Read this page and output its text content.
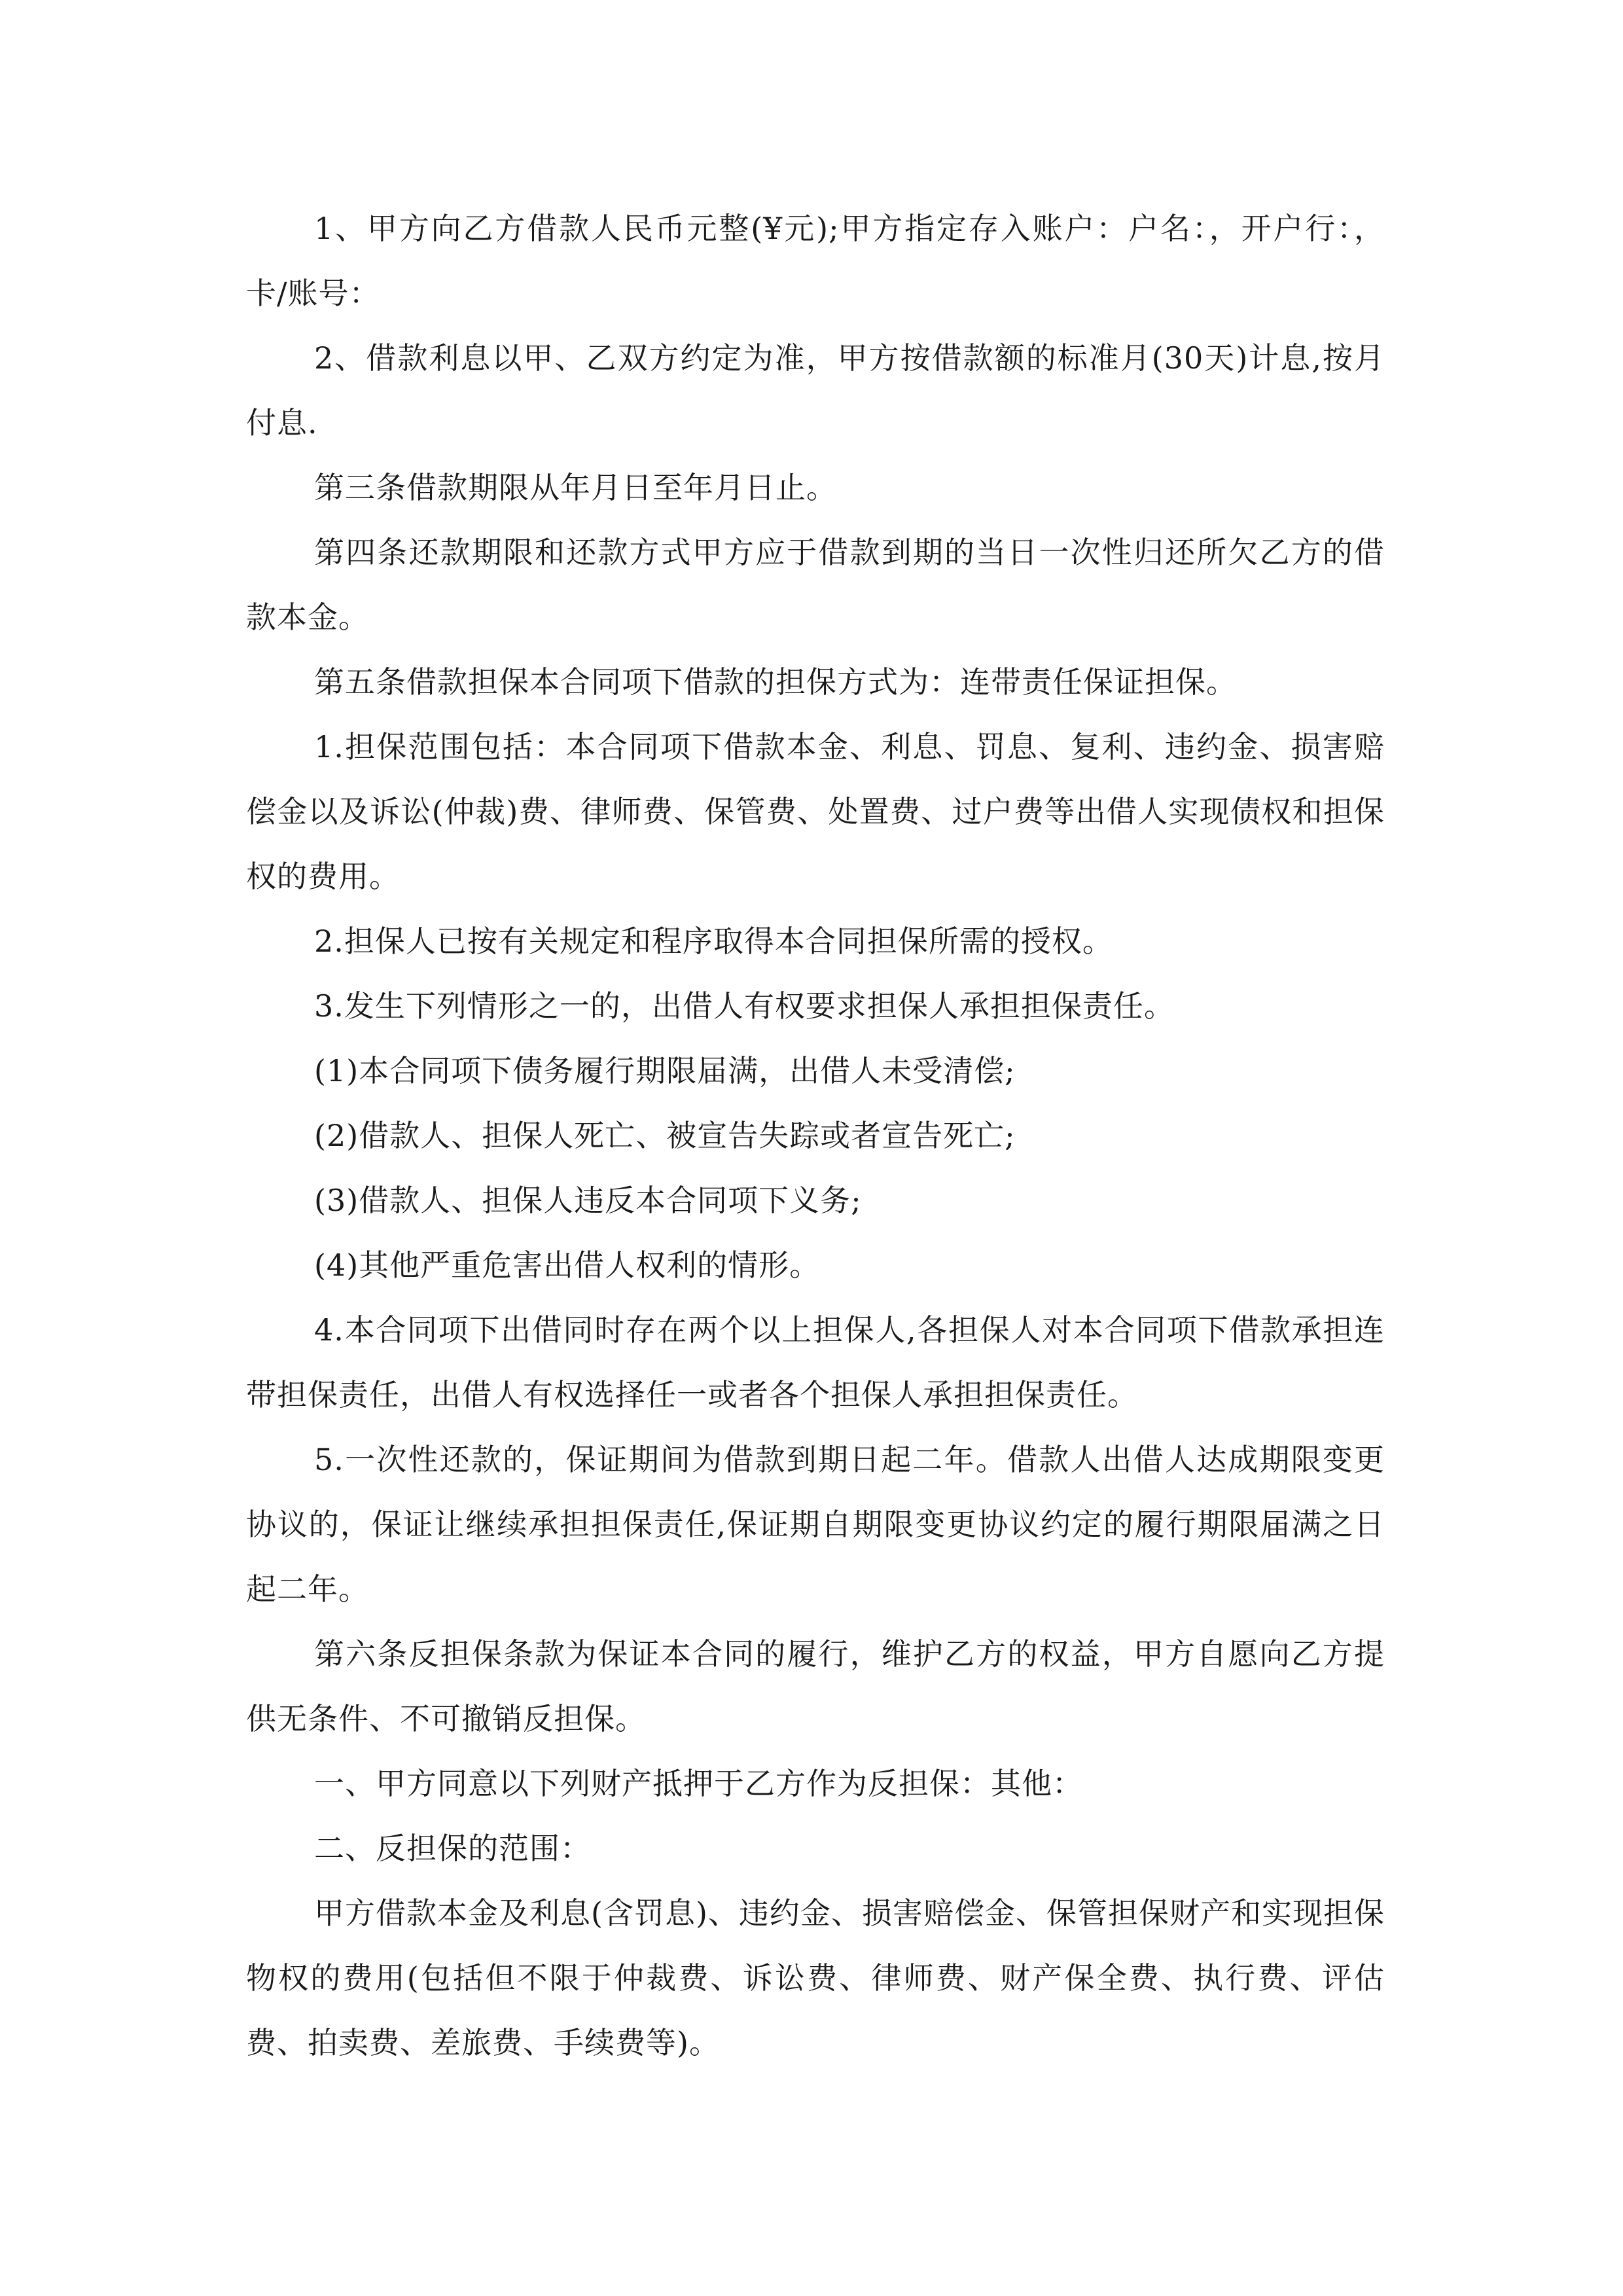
1、甲方向乙方借款人民币元整(¥元);甲方指定存入账户：户名：，开户行：，卡/账号：

2、借款利息以甲、乙双方约定为准，甲方按借款额的标准月(30天)计息,按月付息.

第三条借款期限从年月日至年月日止。

第四条还款期限和还款方式甲方应于借款到期的当日一次性归还所欠乙方的借款本金。

第五条借款担保本合同项下借款的担保方式为：连带责任保证担保。

1.担保范围包括：本合同项下借款本金、利息、罚息、复利、违约金、损害赔偿金以及诉讼(仲裁)费、律师费、保管费、处置费、过户费等出借人实现债权和担保权的费用。

2.担保人已按有关规定和程序取得本合同担保所需的授权。

3.发生下列情形之一的，出借人有权要求担保人承担担保责任。

(1)本合同项下债务履行期限届满，出借人未受清偿;

(2)借款人、担保人死亡、被宣告失踪或者宣告死亡;

(3)借款人、担保人违反本合同项下义务;

(4)其他严重危害出借人权利的情形。

4.本合同项下出借同时存在两个以上担保人,各担保人对本合同项下借款承担连带担保责任，出借人有权选择任一或者各个担保人承担担保责任。

5.一次性还款的，保证期间为借款到期日起二年。借款人出借人达成期限变更协议的，保证让继续承担担保责任,保证期自期限变更协议约定的履行期限届满之日起二年。

第六条反担保条款为保证本合同的履行，维护乙方的权益，甲方自愿向乙方提供无条件、不可撤销反担保。

一、甲方同意以下列财产抵押于乙方作为反担保：其他：

二、反担保的范围：

甲方借款本金及利息(含罚息)、违约金、损害赔偿金、保管担保财产和实现担保物权的费用(包括但不限于仲裁费、诉讼费、律师费、财产保全费、执行费、评估费、拍卖费、差旅费、手续费等)。
